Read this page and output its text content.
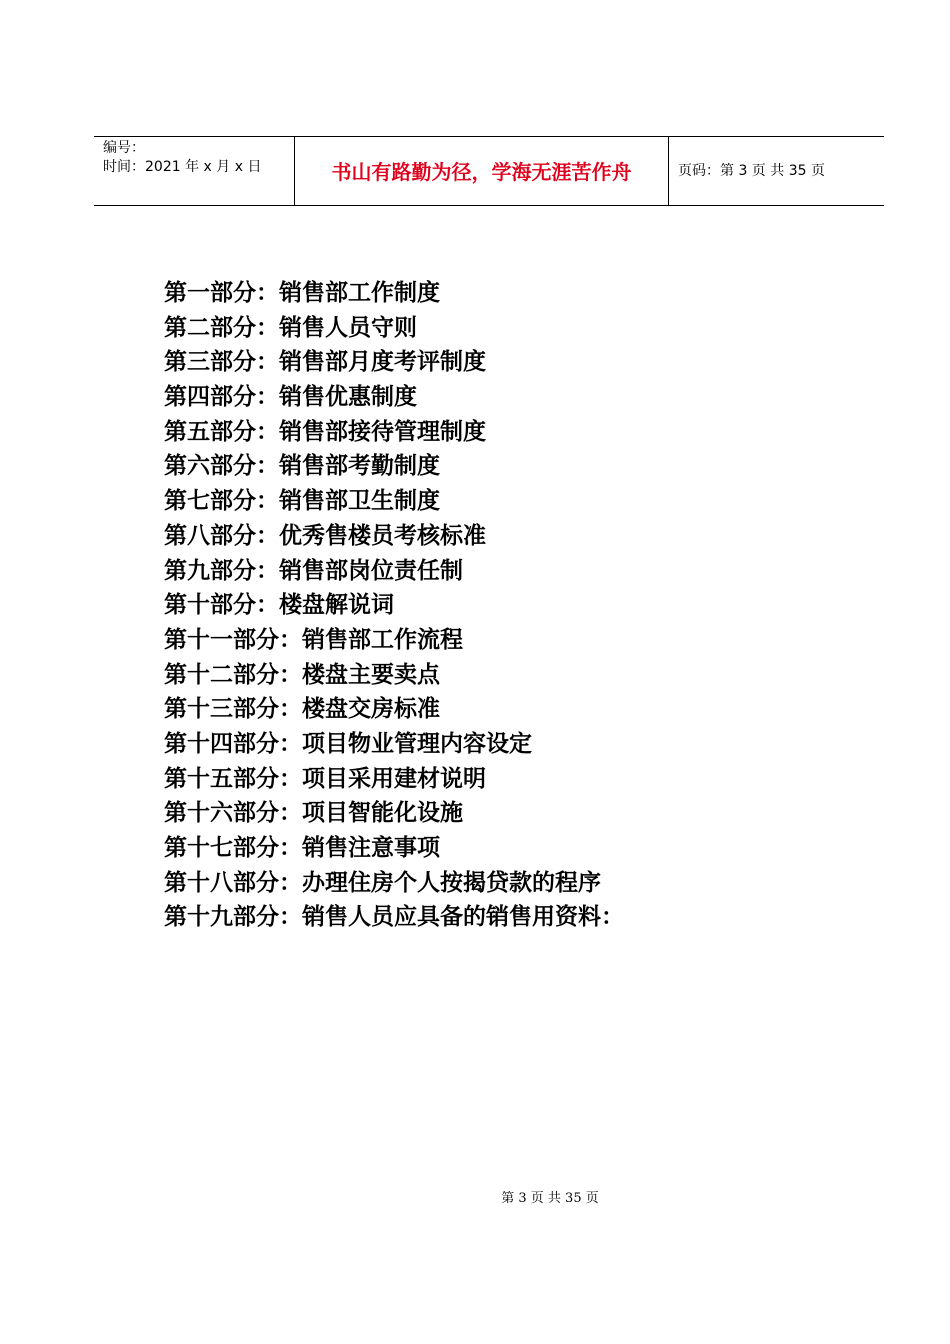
编号：
时间：2021 年 x 月 x 日	书山有路勤为径，学海无涯苦作舟	页码：第 3 页 共 35 页
第一部分：销售部工作制度
第二部分：销售人员守则
第三部分：销售部月度考评制度
第四部分：销售优惠制度
第五部分：销售部接待管理制度
第六部分：销售部考勤制度
第七部分：销售部卫生制度
第八部分：优秀售楼员考核标准
第九部分：销售部岗位责任制
第十部分：楼盘解说词
第十一部分：销售部工作流程
第十二部分：楼盘主要卖点
第十三部分：楼盘交房标准
第十四部分：项目物业管理内容设定
第十五部分：项目采用建材说明
第十六部分：项目智能化设施
第十七部分：销售注意事项
第十八部分：办理住房个人按揭贷款的程序
第十九部分：销售人员应具备的销售用资料：
第 3 页 共 35 页
